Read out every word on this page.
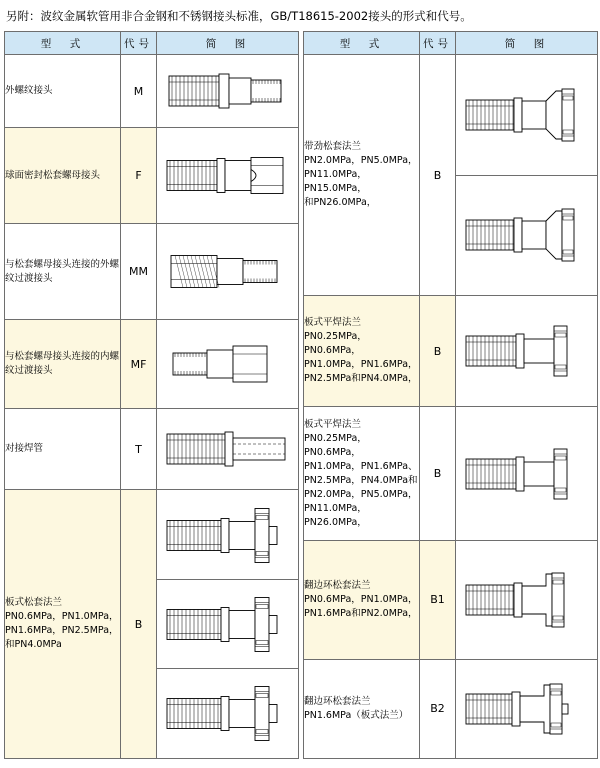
另附：波纹金属软管用非合金钢和不锈钢接头标准，GB/T18615-2002接头的形式和代号。
型　式	代号	简　图

外螺纹接头	M	

球面密封松套螺母接头	F	

与松套螺母接头连接的外螺纹过渡接头	MM	

与松套螺母接头连接的内螺纹过渡接头	MF	

对接焊管	T	

板式松套法兰
PN0.6MPa，PN1.0MPa，
PN1.6MPa，PN2.5MPa，
和PN4.0MPa	B	
型　式	代号	简　图

带劲松套法兰
PN2.0MPa，PN5.0MPa，
PN11.0MPa，PN15.0MPa，
和PN26.0MPa，	B	

板式平焊法兰
PN0.25MPa，PN0.6MPa，
PN1.0MPa，PN1.6MPa，
PN2.5MPa和PN4.0MPa，	B	

板式平焊法兰
PN0.25MPa，PN0.6MPa，
PN1.0MPa，PN1.6MPa、
PN2.5MPa，PN4.0MPa和
PN2.0MPa，PN5.0MPa，
PN11.0MPa，PN26.0MPa，
	B	

翻边环松套法兰
PN0.6MPa，PN1.0MPa，
PN1.6MPa和PN2.0MPa，	B1	

翻边环松套法兰
PN1.6MPa（板式法兰）	B2	
